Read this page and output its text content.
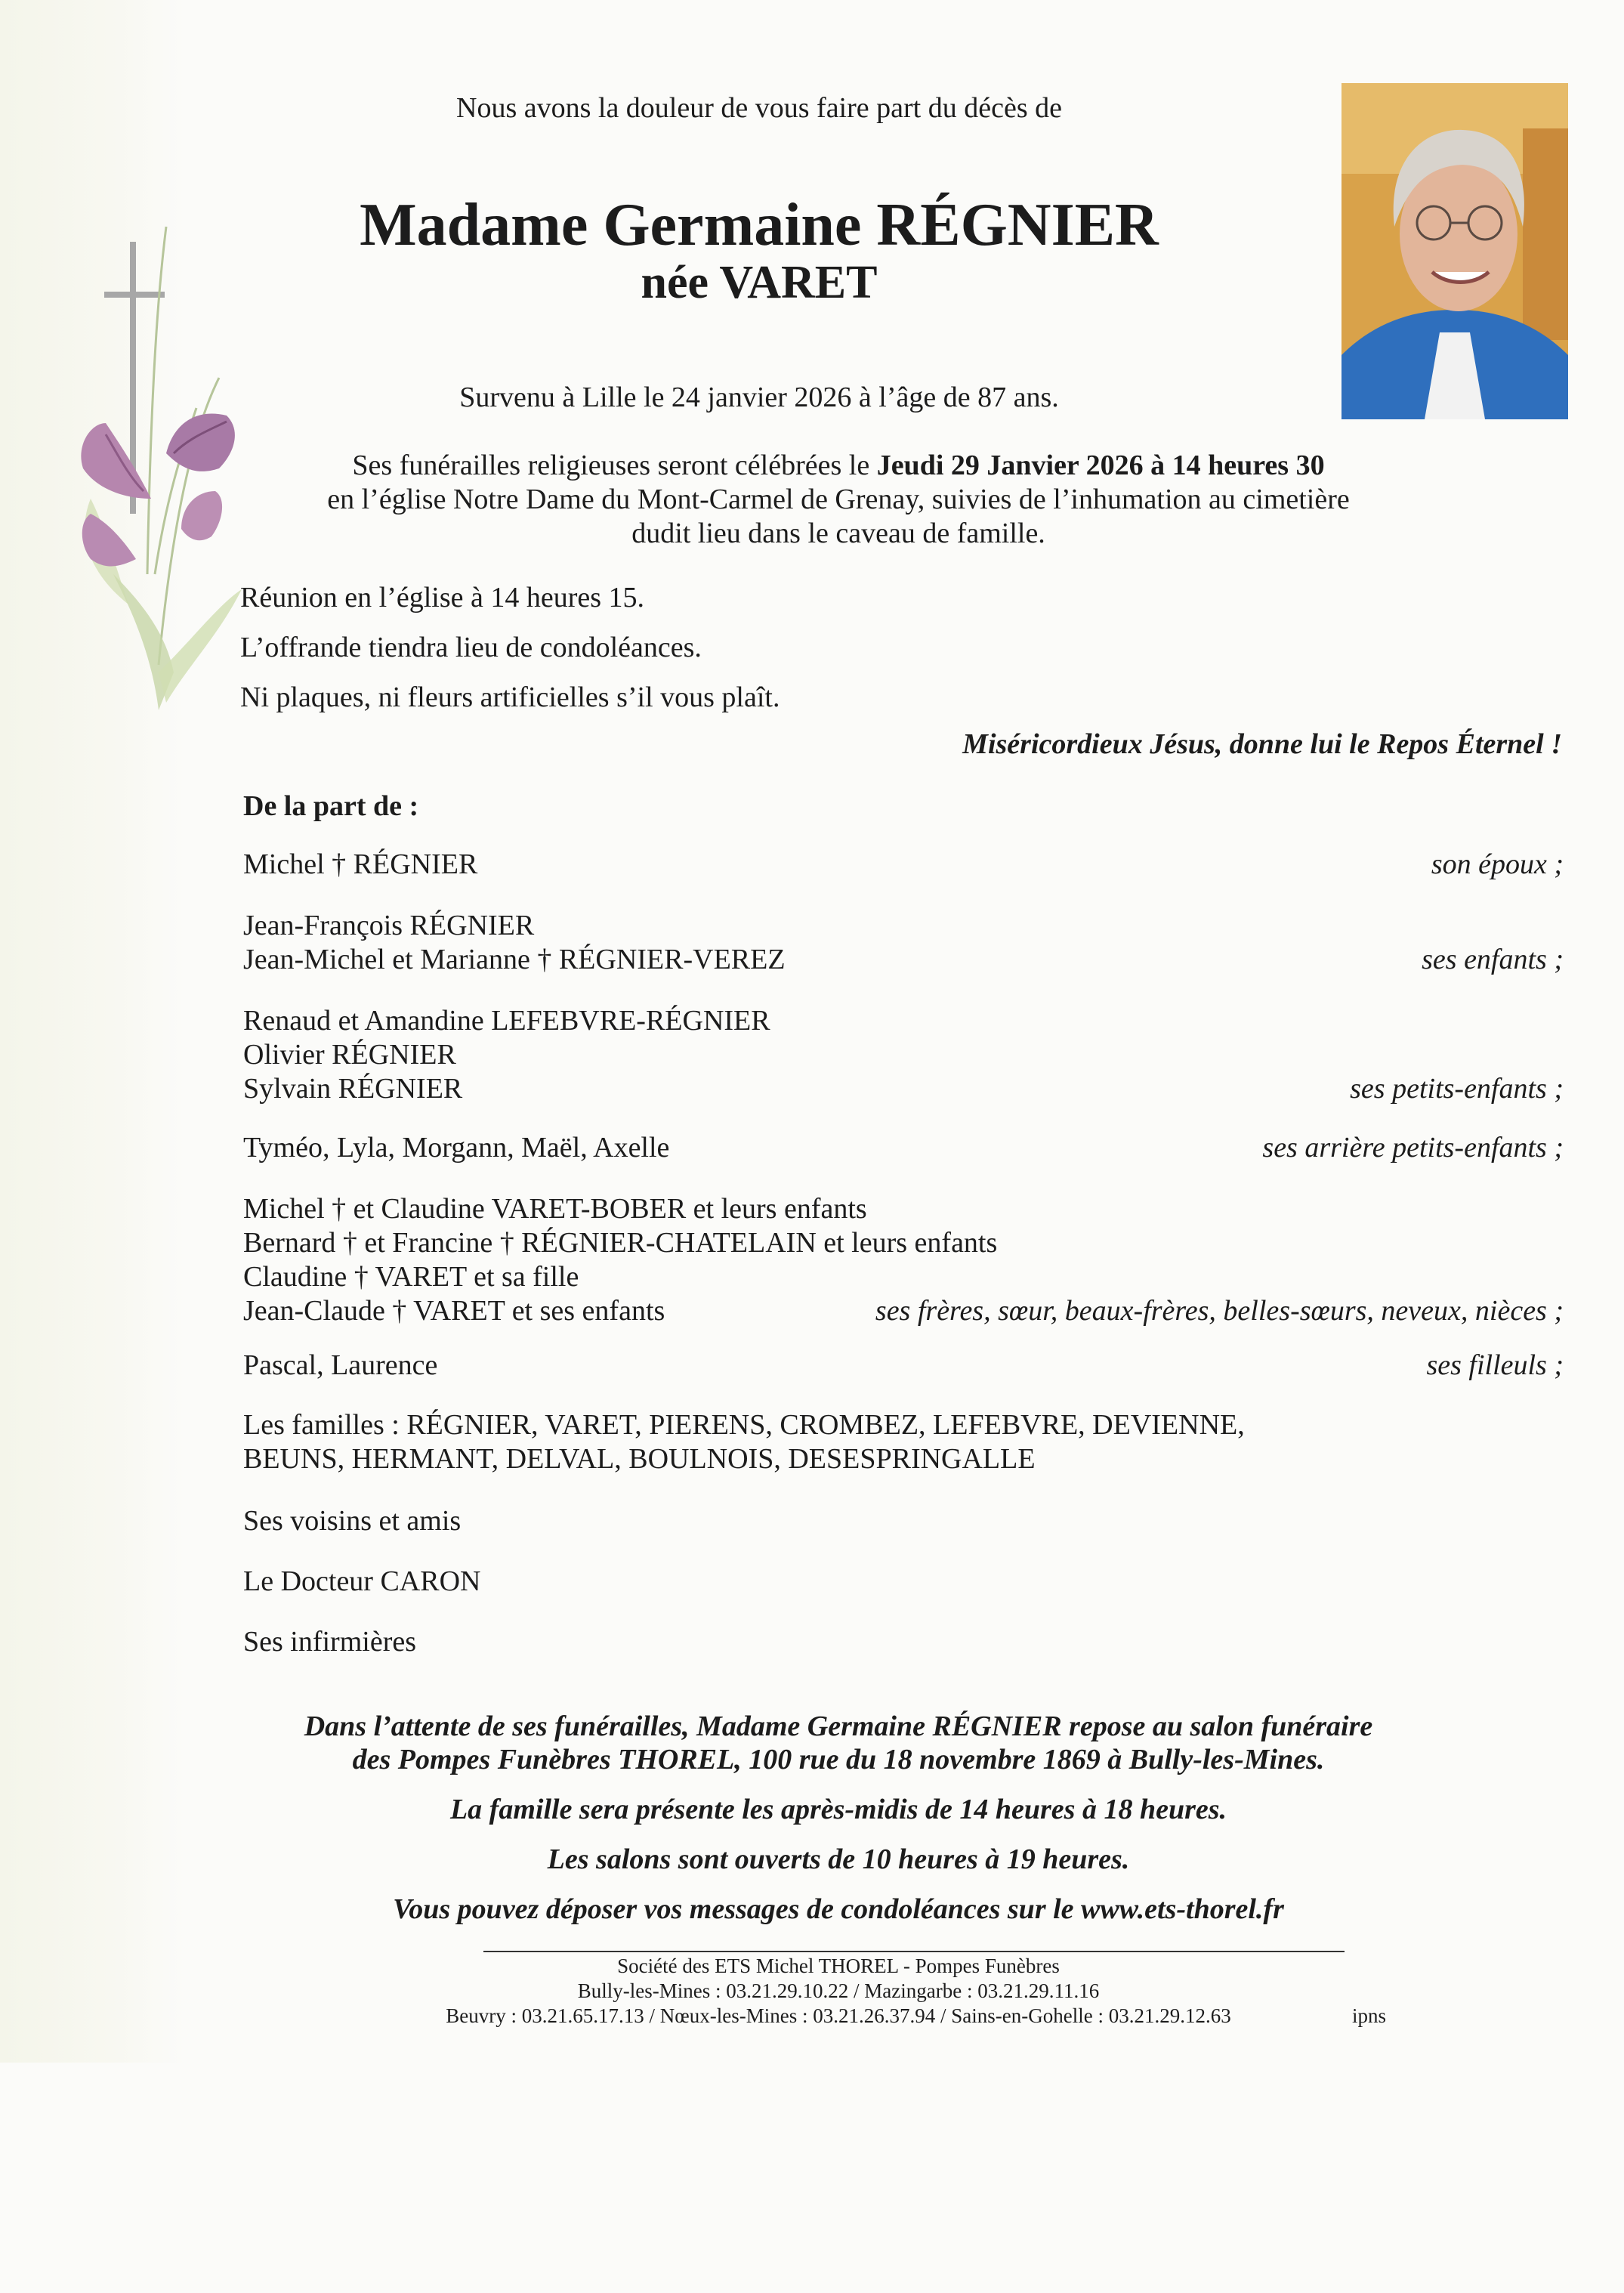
Nous avons la douleur de vous faire part du décès de
Madame Germaine RÉGNIER
née VARET
Survenu à Lille le 24 janvier 2026 à l’âge de 87 ans.
Ses funérailles religieuses seront célébrées le Jeudi 29 Janvier 2026 à 14 heures 30
en l’église Notre Dame du Mont-Carmel de Grenay, suivies de l’inhumation au cimetière
dudit lieu dans le caveau de famille.
Réunion en l’église à 14 heures 15.
L’offrande tiendra lieu de condoléances.
Ni plaques, ni fleurs artificielles s’il vous plaît.
Miséricordieux Jésus, donne lui le Repos Éternel !
De la part de :
Michel † RÉGNIER	son époux ;
Jean-François RÉGNIER
Jean-Michel et Marianne † RÉGNIER-VEREZ	ses enfants ;
Renaud et Amandine LEFEBVRE-RÉGNIER
Olivier RÉGNIER
Sylvain RÉGNIER	ses petits-enfants ;
Tyméo, Lyla, Morgann, Maël, Axelle	ses arrière petits-enfants ;
Michel † et Claudine VARET-BOBER et leurs enfants
Bernard † et Francine † RÉGNIER-CHATELAIN et leurs enfants
Claudine † VARET et sa fille
Jean-Claude † VARET et ses enfants	ses frères, sœur, beaux-frères, belles-sœurs, neveux, nièces ;
Pascal, Laurence	ses filleuls ;
Les familles : RÉGNIER, VARET, PIERENS, CROMBEZ, LEFEBVRE, DEVIENNE,
BEUNS, HERMANT, DELVAL, BOULNOIS, DESESPRINGALLE
Ses voisins et amis
Le Docteur CARON
Ses infirmières
Dans l’attente de ses funérailles, Madame Germaine RÉGNIER repose au salon funéraire
des Pompes Funèbres THOREL, 100 rue du 18 novembre 1869 à Bully-les-Mines.
La famille sera présente les après-midis de 14 heures à 18 heures.
Les salons sont ouverts de 10 heures à 19 heures.
Vous pouvez déposer vos messages de condoléances sur le www.ets-thorel.fr
Société des ETS Michel THOREL - Pompes Funèbres
Bully-les-Mines : 03.21.29.10.22 / Mazingarbe : 03.21.29.11.16
Beuvry : 03.21.65.17.13 / Nœux-les-Mines : 03.21.26.37.94 / Sains-en-Gohelle : 03.21.29.12.63	ipns
